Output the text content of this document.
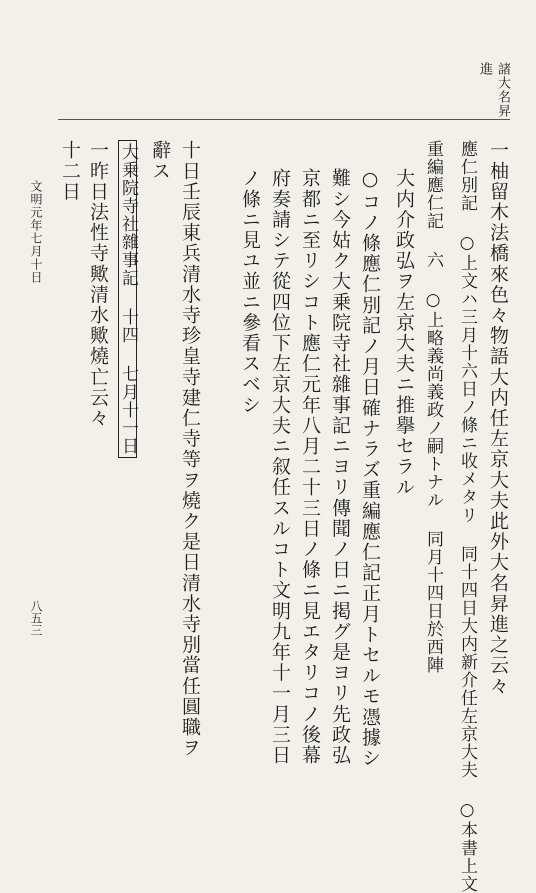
諸大名昇
進
一柚留木法橋來色々物語大内任左京大夫此外大名昇進之云々
應仁別記 ○上文ハ三月十六日ノ條ニ收メタリ 同十四日大内新介任左京大夫 ○本書上文
重編應仁記 六 ○上略義尚義政ノ嗣トナル 同月十四日於西陣
大内介政弘ヲ左京大夫ニ推擧セラル
○コノ條應仁別記ノ月日確ナラズ重編應仁記正月トセルモ憑據シ
難シ今姑ク大乗院寺社雜事記ニヨリ傳聞ノ日ニ掲グ是ヨリ先政弘
京都ニ至リシコト應仁元年八月二十三日ノ條ニ見エタリコノ後幕
府奏請シテ從四位下左京大夫ニ叙任スルコト文明九年十一月三日
ノ條ニ見ユ並ニ參看スベシ
十日壬辰東兵清水寺珍皇寺建仁寺等ヲ燒ク是日清水寺別當任圓職ヲ
辭ス
大乗院寺社雜事記 十四 七月十一日
一昨日法性寺歟清水歟燒亡云々
十二日
文明元年七月十日
八五三
